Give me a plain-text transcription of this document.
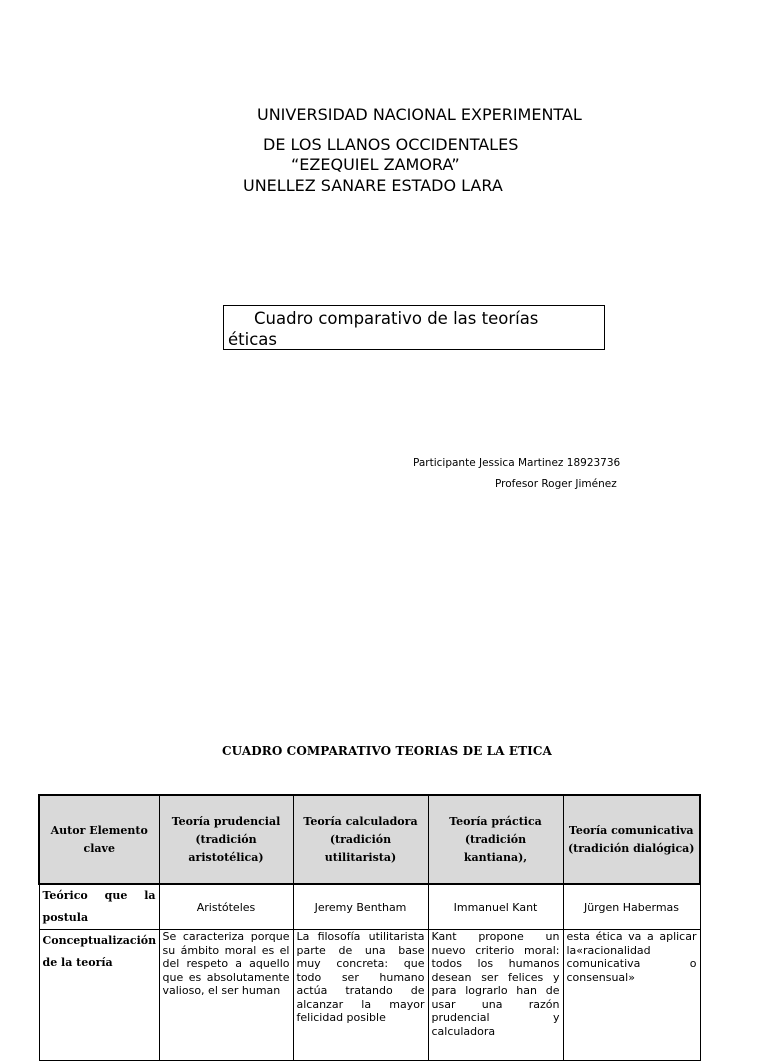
UNIVERSIDAD NACIONAL EXPERIMENTAL
DE LOS LLANOS OCCIDENTALES
“EZEQUIEL ZAMORA”
UNELLEZ SANARE ESTADO LARA
Cuadro comparativo de las teorías
éticas
Participante Jessica Martinez 18923736
Profesor Roger Jiménez
CUADRO COMPARATIVO TEORIAS DE LA ETICA
Autor Elemento clave	Teoría prudencial (tradición aristotélica)	Teoría calculadora (tradición utilitarista)	Teoría práctica (tradición kantiana),	Teoría comunicativa (tradición dialógica)
Teórico que la postula	Aristóteles	Jeremy Bentham	Immanuel Kant	Jürgen Habermas
Conceptualización de la teoría	Se caracteriza porque su ámbito moral es el del respeto a aquello que es absolutamente valioso, el ser human	La filosofía utilitarista parte de una base muy concreta: que todo ser humano actúa tratando de alcanzar la mayor felicidad posible	Kant propone un nuevo criterio moral: todos los humanos desean ser felices y para lograrlo han de usar una razón prudencial y calculadora	esta ética va a aplicar la«racionalidad comunicativa o consensual»
